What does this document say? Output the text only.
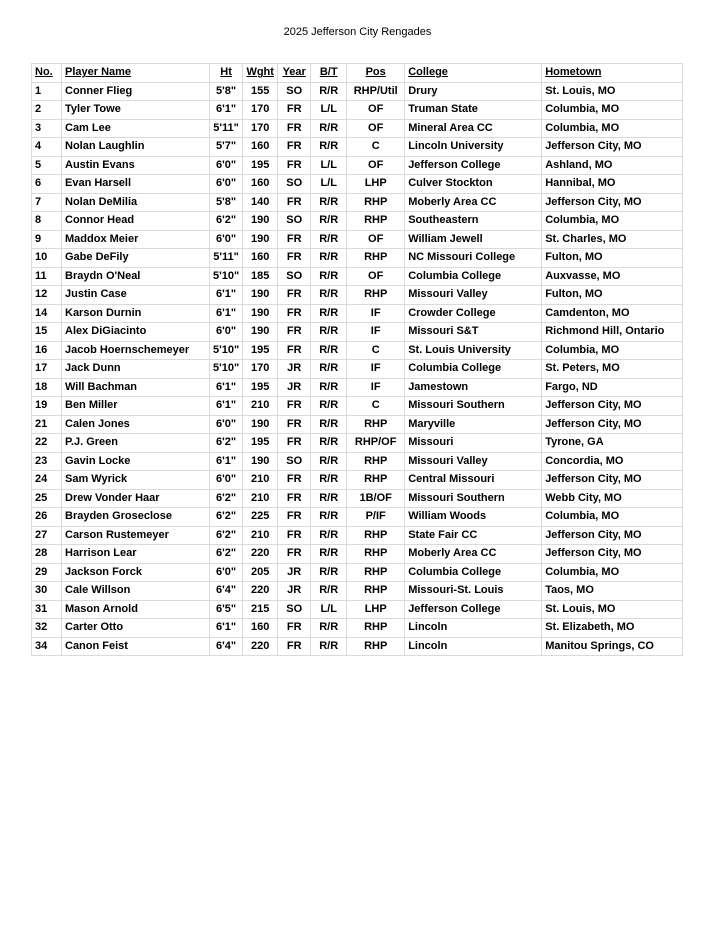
2025 Jefferson City Rengades
No.	Player Name	Ht	Wght	Year	B/T	Pos	College	Hometown
1	Conner Flieg	5'8"	155	SO	R/R	RHP/Util	Drury	St. Louis, MO
2	Tyler Towe	6'1"	170	FR	L/L	OF	Truman State	Columbia, MO
3	Cam Lee	5'11"	170	FR	R/R	OF	Mineral Area CC	Columbia, MO
4	Nolan Laughlin	5'7"	160	FR	R/R	C	Lincoln University	Jefferson City, MO
5	Austin Evans	6'0"	195	FR	L/L	OF	Jefferson College	Ashland, MO
6	Evan Harsell	6'0"	160	SO	L/L	LHP	Culver Stockton	Hannibal, MO
7	Nolan DeMilia	5'8"	140	FR	R/R	RHP	Moberly Area CC	Jefferson City, MO
8	Connor Head	6'2"	190	SO	R/R	RHP	Southeastern	Columbia, MO
9	Maddox Meier	6'0"	190	FR	R/R	OF	William Jewell	St. Charles, MO
10	Gabe DeFily	5'11"	160	FR	R/R	RHP	NC Missouri College	Fulton, MO
11	Braydn O'Neal	5'10"	185	SO	R/R	OF	Columbia College	Auxvasse, MO
12	Justin Case	6'1"	190	FR	R/R	RHP	Missouri Valley	Fulton, MO
14	Karson Durnin	6'1"	190	FR	R/R	IF	Crowder College	Camdenton, MO
15	Alex DiGiacinto	6'0"	190	FR	R/R	IF	Missouri S&T	Richmond Hill, Ontario
16	Jacob Hoernschemeyer	5'10"	195	FR	R/R	C	St. Louis University	Columbia, MO
17	Jack Dunn	5'10"	170	JR	R/R	IF	Columbia College	St. Peters, MO
18	Will Bachman	6'1"	195	JR	R/R	IF	Jamestown	Fargo, ND
19	Ben Miller	6'1"	210	FR	R/R	C	Missouri Southern	Jefferson City, MO
21	Calen Jones	6'0"	190	FR	R/R	RHP	Maryville	Jefferson City, MO
22	P.J. Green	6'2"	195	FR	R/R	RHP/OF	Missouri	Tyrone, GA
23	Gavin Locke	6'1"	190	SO	R/R	RHP	Missouri Valley	Concordia, MO
24	Sam Wyrick	6'0"	210	FR	R/R	RHP	Central Missouri	Jefferson City, MO
25	Drew Vonder Haar	6'2"	210	FR	R/R	1B/OF	Missouri Southern	Webb City, MO
26	Brayden Groseclose	6'2"	225	FR	R/R	P/IF	William Woods	Columbia, MO
27	Carson Rustemeyer	6'2"	210	FR	R/R	RHP	State Fair CC	Jefferson City, MO
28	Harrison Lear	6'2"	220	FR	R/R	RHP	Moberly Area CC	Jefferson City, MO
29	Jackson Forck	6'0"	205	JR	R/R	RHP	Columbia College	Columbia, MO
30	Cale Willson	6'4"	220	JR	R/R	RHP	Missouri-St. Louis	Taos, MO
31	Mason Arnold	6'5"	215	SO	L/L	LHP	Jefferson College	St. Louis, MO
32	Carter Otto	6'1"	160	FR	R/R	RHP	Lincoln	St. Elizabeth, MO
34	Canon Feist	6'4"	220	FR	R/R	RHP	Lincoln	Manitou Springs, CO
